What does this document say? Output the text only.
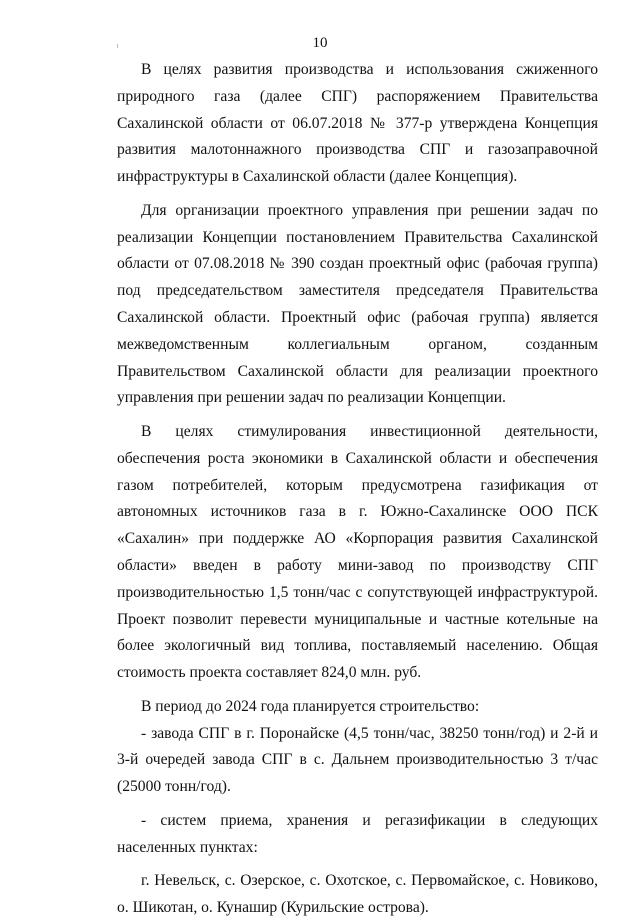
10

В целях развития производства и использования сжиженного природного газа (далее СПГ) распоряжением Правительства Сахалинской области от 06.07.2018 № 377-р утверждена Концепция развития малотоннажного производства СПГ и газозаправочной инфраструктуры в Сахалинской области (далее Концепция).

Для организации проектного управления при решении задач по реализации Концепции постановлением Правительства Сахалинской области от 07.08.2018 № 390 создан проектный офис (рабочая группа) под председательством заместителя председателя Правительства Сахалинской области. Проектный офис (рабочая группа) является межведомственным коллегиальным органом, созданным Правительством Сахалинской области для реализации проектного управления при решении задач по реализации Концепции.

В целях стимулирования инвестиционной деятельности, обеспечения роста экономики в Сахалинской области и обеспечения газом потребителей, которым предусмотрена газификация от автономных источников газа в г. Южно-Сахалинске ООО ПСК «Сахалин» при поддержке АО «Корпорация развития Сахалинской области» введен в работу мини-завод по производству СПГ производительностью 1,5 тонн/час с сопутствующей инфраструктурой. Проект позволит перевести муниципальные и частные котельные на более экологичный вид топлива, поставляемый населению. Общая стоимость проекта составляет 824,0 млн. руб.

В период до 2024 года планируется строительство:

- завода СПГ в г. Поронайске (4,5 тонн/час, 38250 тонн/год) и 2-й и 3-й очередей завода СПГ в с. Дальнем производительностью 3 т/час (25000 тонн/год).

- систем приема, хранения и регазификации в следующих населенных пунктах:

г. Невельск, с. Озерское, с. Охотское, с. Первомайское, с. Новиково, о. Шикотан, о. Кунашир (Курильские острова).
